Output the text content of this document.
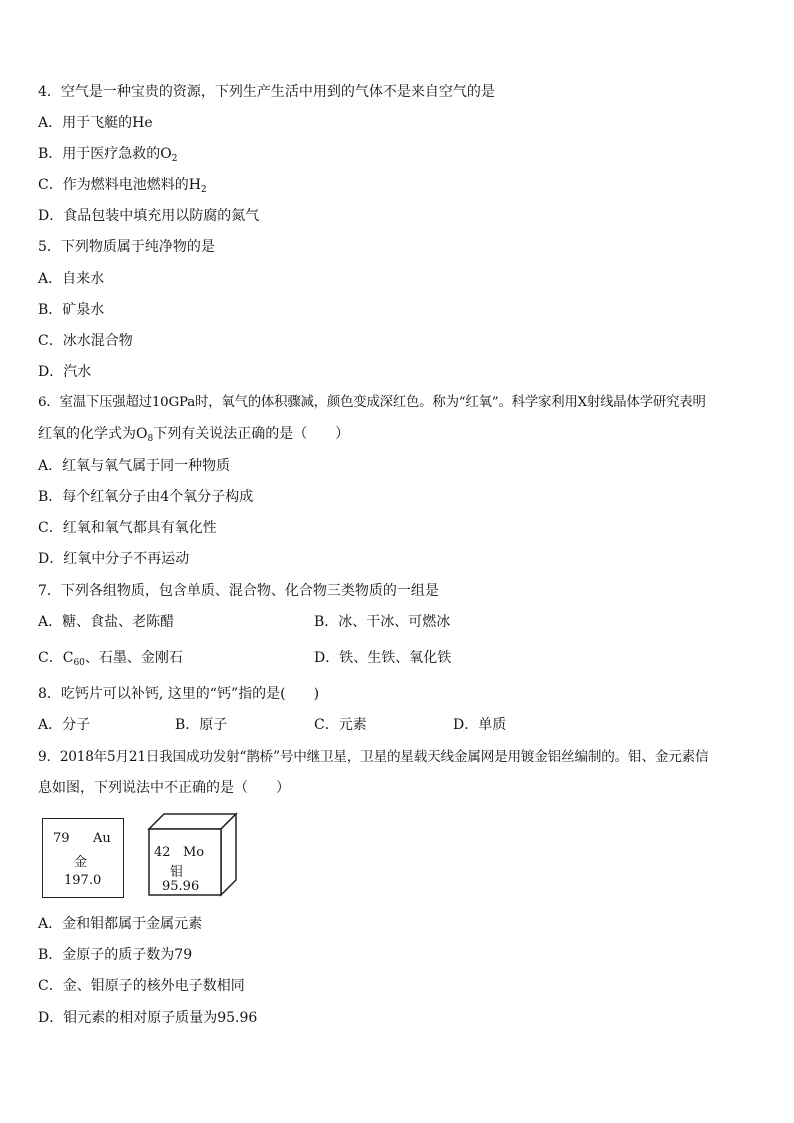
4．空气是一种宝贵的资源，下列生产生活中用到的气体不是来自空气的是
A．用于飞艇的He
B．用于医疗急救的$O_2$
C．作为燃料电池燃料的$H_2$
D．食品包装中填充用以防腐的氮气
5．下列物质属于纯净物的是
A．自来水
B．矿泉水
C．冰水混合物
D．汽水
6．室温下压强超过10GPa时，氧气的体积骤减，颜色变成深红色。称为“红氧”。科学家利用X射线晶体学研究表明
红氧的化学式为$O_8$下列有关说法正确的是（　　）
A．红氧与氧气属于同一种物质
B．每个红氧分子由4个氧分子构成
C．红氧和氧气都具有氧化性
D．红氧中分子不再运动
7．下列各组物质，包含单质、混合物、化合物三类物质的一组是
A．糖、食盐、老陈醋	B．冰、干冰、可燃冰
C．$C_{60}$、石墨、金刚石	D．铁、生铁、氧化铁
8．吃钙片可以补钙, 这里的“钙”指的是(　　)
A．分子	B．原子	C．元素	D．单质
9．2018年5月21日我国成功发射“鹊桥”号中继卫星，卫星的星载天线金属网是用镀金铝丝编制的。钼、金元素信
息如图，下列说法中不正确的是（　　）
79 Au
金
197.0
42 Mo
钼
95.96
A．金和钼都属于金属元素
B．金原子的质子数为79
C．金、钼原子的核外电子数相同
D．钼元素的相对原子质量为95.96
